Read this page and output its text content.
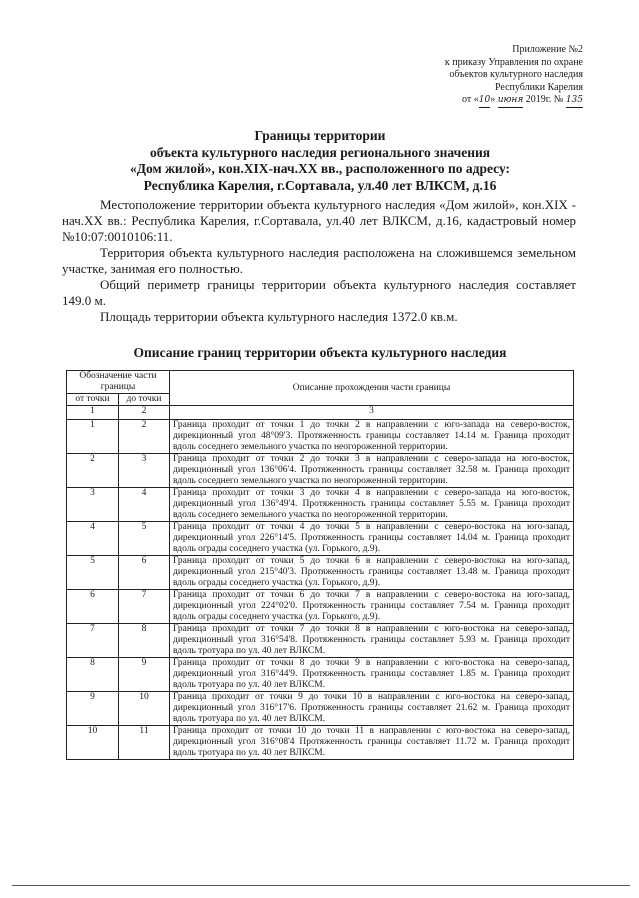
Приложение №2
к приказу Управления по охране
объектов культурного наследия
Республики Карелия
от «10» июня 2019г. № 135
Границы территории
объекта культурного наследия регионального значения
«Дом жилой», кон.XIX-нач.XX вв., расположенного по адресу:
Республика Карелия, г.Сортавала, ул.40 лет ВЛКСМ, д.16

Местоположение территории объекта культурного наследия «Дом жилой», кон.XIX - нач.XX вв.: Республика Карелия, г.Сортавала, ул.40 лет ВЛКСМ, д.16, кадастровый номер №10:07:0010106:11.

Территория объекта культурного наследия расположена на сложившемся земельном участке, занимая его полностью.

Общий периметр границы территории объекта культурного наследия составляет 149.0 м.

Площадь территории объекта культурного наследия 1372.0 кв.м.

Описание границ территории объекта культурного наследия
Обозначение части границы		Описание прохождения части границы
от точки	до точки	
1	2	3
1	2	Граница проходит от точки 1 до точки 2 в направлении с юго-запада на северо-восток, дирекционный угол 48°09'3. Протяженность границы составляет 14.14 м. Граница проходит вдоль соседнего земельного участка по неогороженной территории.
2	3	Граница проходит от точки 2 до точки 3 в направлении с северо-запада на юго-восток, дирекционный угол 136°06'4. Протяженность границы составляет 32.58 м. Граница проходит вдоль соседнего земельного участка по неогороженной территории.
3	4	Граница проходит от точки 3 до точки 4 в направлении с северо-запада на юго-восток, дирекционный угол 136°49'4. Протяженность границы составляет 5.55 м. Граница проходит вдоль соседнего земельного участка по неогороженной территории.
4	5	Граница проходит от точки 4 до точки 5 в направлении с северо-востока на юго-запад, дирекционный угол 226°14'5. Протяженность границы составляет 14.04 м. Граница проходит вдоль ограды соседнего участка (ул. Горького, д.9).
5	6	Граница проходит от точки 5 до точки 6 в направлении с северо-востока на юго-запад, дирекционный угол 215°40'3. Протяженность границы составляет 13.48 м. Граница проходит вдоль ограды соседнего участка (ул. Горького, д.9).
6	7	Граница проходит от точки 6 до точки 7 в направлении с северо-востока на юго-запад, дирекционный угол 224°02'0. Протяженность границы составляет 7.54 м. Граница проходит вдоль ограды соседнего участка (ул. Горького, д.9).
7	8	Граница проходит от точки 7 до точки 8 в направлении с юго-востока на северо-запад, дирекционный угол 316°54'8. Протяженность границы составляет 5.93 м. Граница проходит вдоль тротуара по ул. 40 лет ВЛКСМ.
8	9	Граница проходит от точки 8 до точки 9 в направлении с юго-востока на северо-запад, дирекционный угол 316°44'9. Протяженность границы составляет 1.85 м. Граница проходит вдоль тротуара по ул. 40 лет ВЛКСМ.
9	10	Граница проходит от точки 9 до точки 10 в направлении с юго-востока на северо-запад, дирекционный угол 316°17'6. Протяженность границы составляет 21.62 м. Граница проходит вдоль тротуара по ул. 40 лет ВЛКСМ.
10	11	Граница проходит от точки 10 до точки 11 в направлении с юго-востока на северо-запад, дирекционный угол 316°08'4 Протяженность границы составляет 11.72 м. Граница проходит вдоль тротуара по ул. 40 лет ВЛКСМ.
